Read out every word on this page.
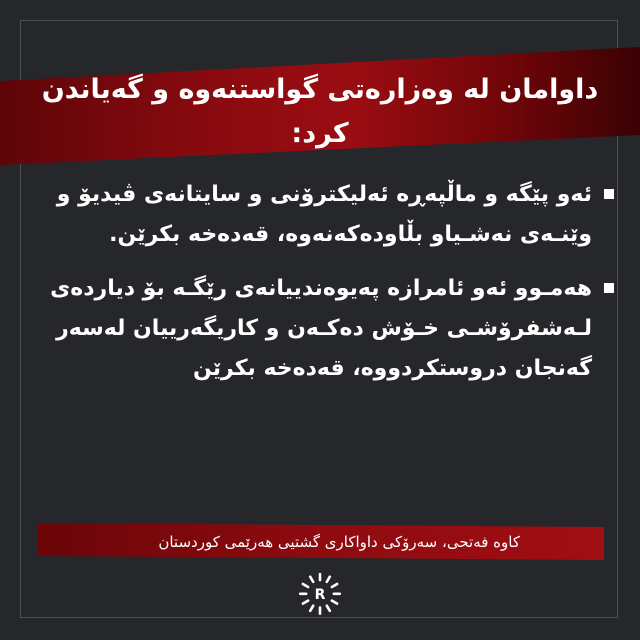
داوامان لە وەزارەتی گواستنەوە و گەیاندن کرد:
ئەو پێگە و ماڵپەڕە ئەلیکترۆنی و سایتانەی ڤیدیۆ و وێنـەی نەشـیاو بڵاودەکەنەوە، قەدەخە بکرێن.
هەمـوو ئەو ئامرازە پەیوەندییانەی رێگـە بۆ دیاردەی لـەشفرۆشـی خـۆش دەکـەن و کاریگەرییان لەسەر گەنجان دروستکردووە، قەدەخە بکرێن
کاوە فەتحی، سەرۆکی داواکاری گشتیی هەرێمی کوردستان
R
